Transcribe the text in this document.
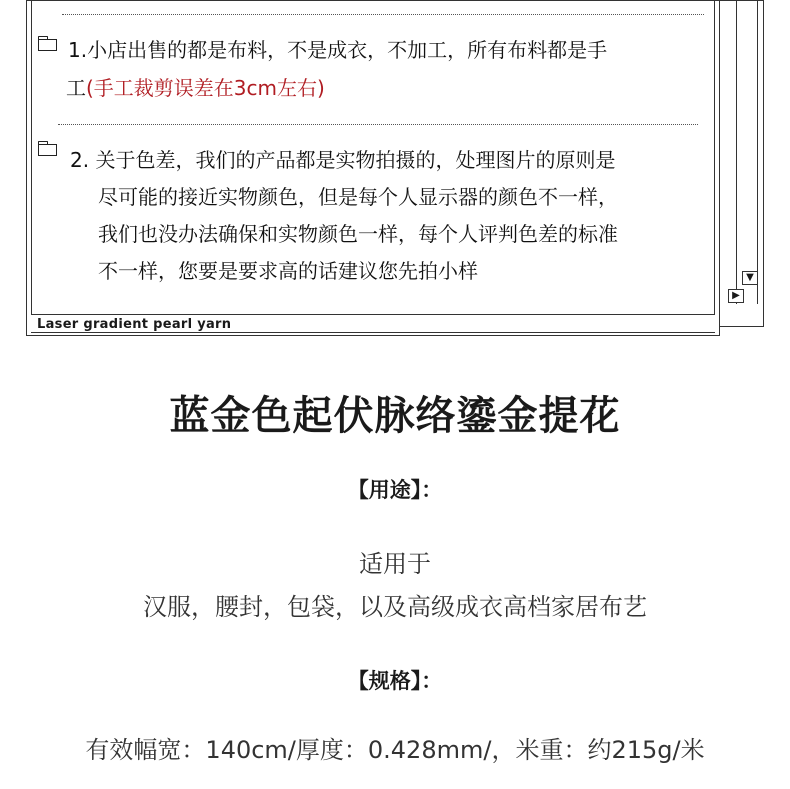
Laser gradient pearl yarn
▼
▶
1.小店出售的都是布料，不是成衣，不加工，所有布料都是手
工(手工裁剪误差在3cm左右)
2. 关于色差，我们的产品都是实物拍摄的，处理图片的原则是
尽可能的接近实物颜色，但是每个人显示器的颜色不一样，
我们也没办法确保和实物颜色一样，每个人评判色差的标准
不一样，您要是要求高的话建议您先拍小样
蓝金色起伏脉络鎏金提花
【用途】：
适用于
汉服，腰封，包袋，以及高级成衣高档家居布艺
【规格】：
有效幅宽：140cm/厚度：0.428mm/，米重：约215g/米
